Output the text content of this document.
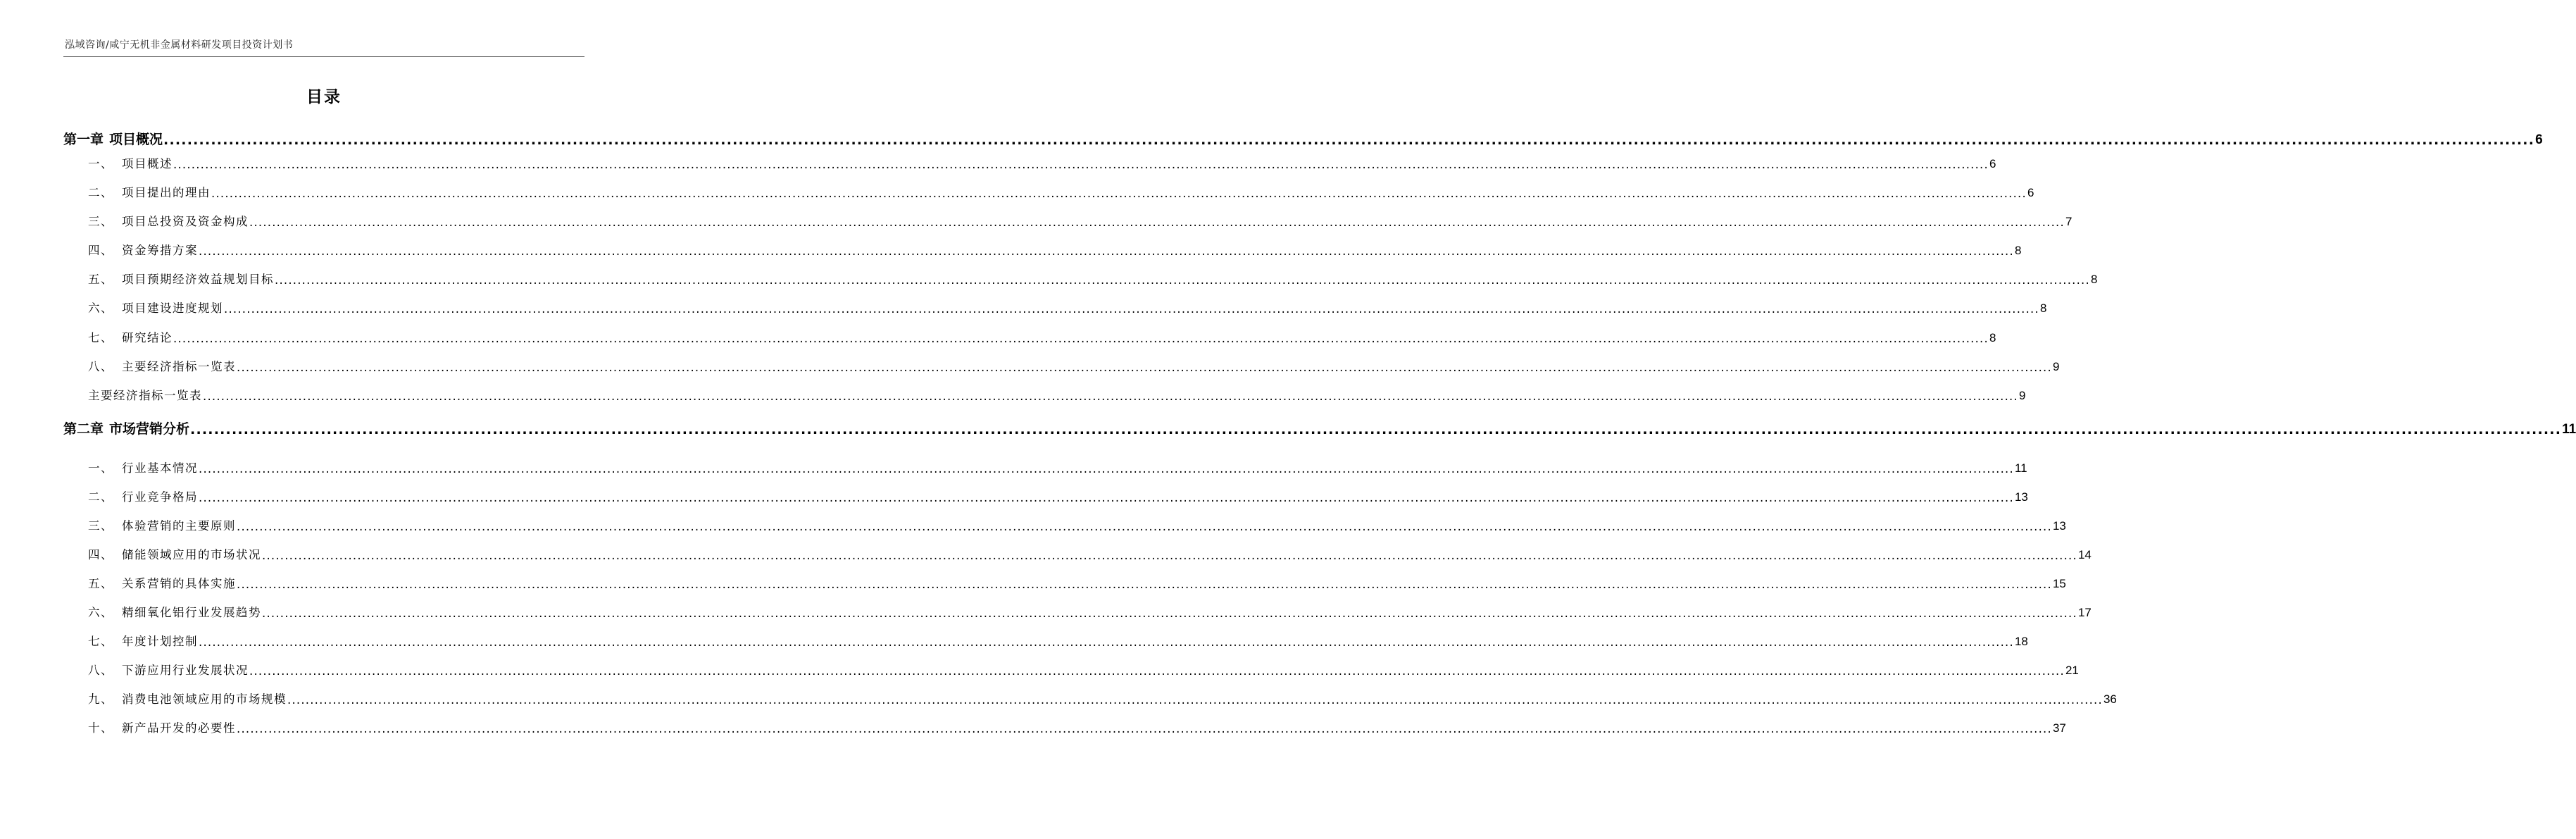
泓域咨询/咸宁无机非金属材料研发项目投资计划书
目录
第一章 项目概况 ................................................................................................................................................................................................................................................................................................................................................................................................................ 6
一、 项目概述 ................................................................................................................................................................................................................................................................................................................................................................................................................ 6
二、 项目提出的理由 ................................................................................................................................................................................................................................................................................................................................................................................................................ 6
三、 项目总投资及资金构成 ................................................................................................................................................................................................................................................................................................................................................................................................................ 7
四、 资金筹措方案 ................................................................................................................................................................................................................................................................................................................................................................................................................ 8
五、 项目预期经济效益规划目标 ................................................................................................................................................................................................................................................................................................................................................................................................................ 8
六、 项目建设进度规划 ................................................................................................................................................................................................................................................................................................................................................................................................................ 8
七、 研究结论 ................................................................................................................................................................................................................................................................................................................................................................................................................ 8
八、 主要经济指标一览表 ................................................................................................................................................................................................................................................................................................................................................................................................................ 9
主要经济指标一览表 ................................................................................................................................................................................................................................................................................................................................................................................................................ 9
第二章 市场营销分析 ................................................................................................................................................................................................................................................................................................................................................................................................................ 11
一、 行业基本情况 ................................................................................................................................................................................................................................................................................................................................................................................................................ 11
二、 行业竞争格局 ................................................................................................................................................................................................................................................................................................................................................................................................................ 13
三、 体验营销的主要原则 ................................................................................................................................................................................................................................................................................................................................................................................................................ 13
四、 储能领域应用的市场状况 ................................................................................................................................................................................................................................................................................................................................................................................................................ 14
五、 关系营销的具体实施 ................................................................................................................................................................................................................................................................................................................................................................................................................ 15
六、 精细氧化铝行业发展趋势 ................................................................................................................................................................................................................................................................................................................................................................................................................ 17
七、 年度计划控制 ................................................................................................................................................................................................................................................................................................................................................................................................................ 18
八、 下游应用行业发展状况 ................................................................................................................................................................................................................................................................................................................................................................................................................ 21
九、 消费电池领域应用的市场规模 ................................................................................................................................................................................................................................................................................................................................................................................................................ 36
十、 新产品开发的必要性 ................................................................................................................................................................................................................................................................................................................................................................................................................ 37
